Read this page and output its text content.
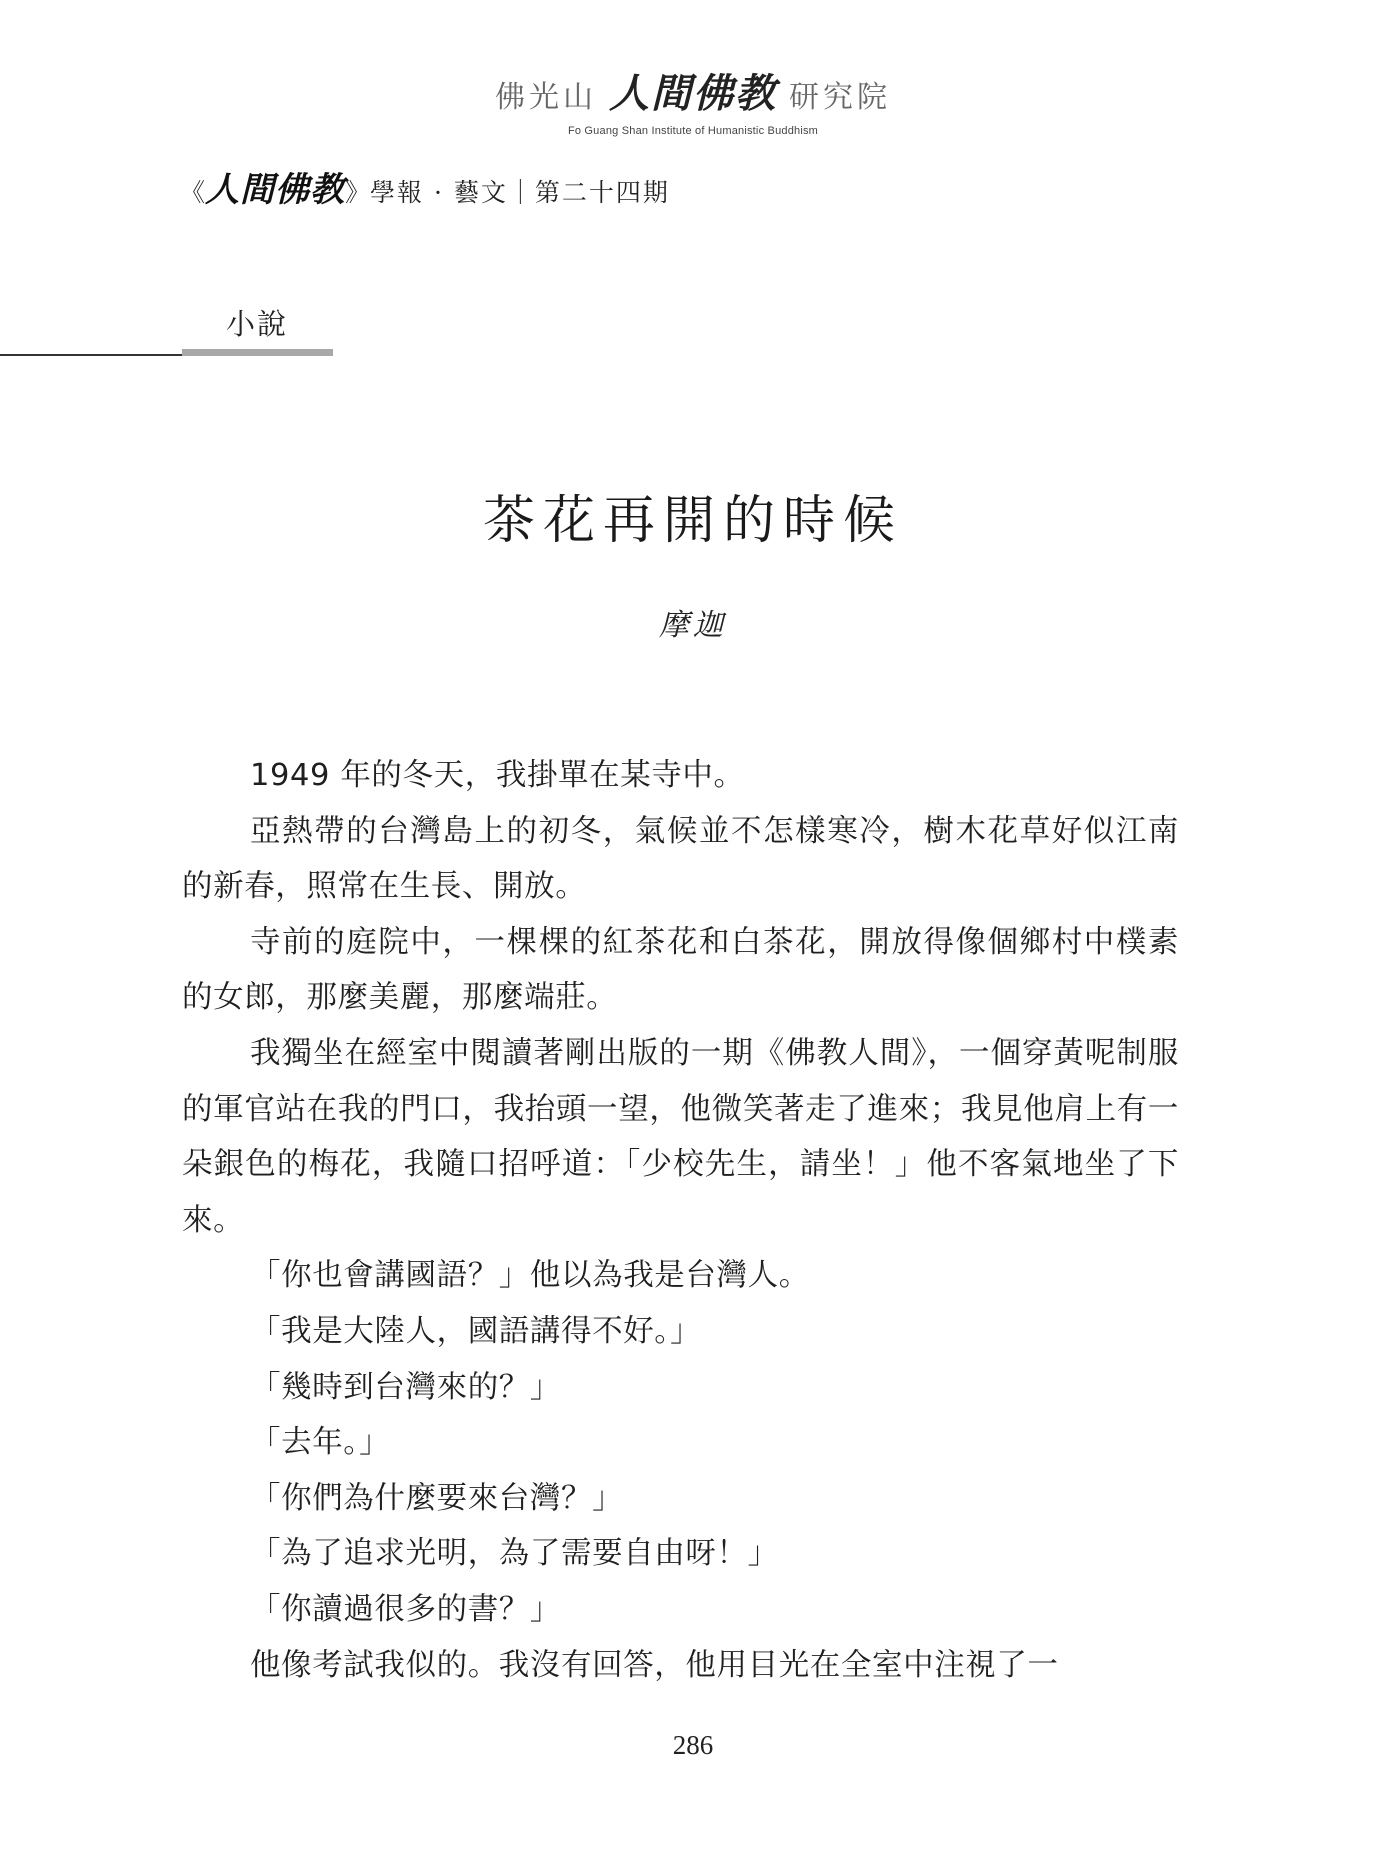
佛光山 人間佛教 研究院
Fo Guang Shan Institute of Humanistic Buddhism
《 人間佛教 》 學報 · 藝文｜第二十四期
小說
茶花再開的時候
摩迦

1949 年的冬天，我掛單在某寺中。

亞熱帶的台灣島上的初冬，氣候並不怎樣寒冷，樹木花草好似江南的新春，照常在生長、開放。

寺前的庭院中，一棵棵的紅茶花和白茶花，開放得像個鄉村中樸素的女郎，那麼美麗，那麼端莊。

我獨坐在經室中閱讀著剛出版的一期《佛教人間》，一個穿黃呢制服的軍官站在我的門口，我抬頭一望，他微笑著走了進來；我見他肩上有一朵銀色的梅花，我隨口招呼道：「少校先生，請坐！」他不客氣地坐了下來。

「你也會講國語？」他以為我是台灣人。

「我是大陸人，國語講得不好。」

「幾時到台灣來的？」

「去年。」

「你們為什麼要來台灣？」

「為了追求光明，為了需要自由呀！」

「你讀過很多的書？」

他像考試我似的。我沒有回答，他用目光在全室中注視了一

286
